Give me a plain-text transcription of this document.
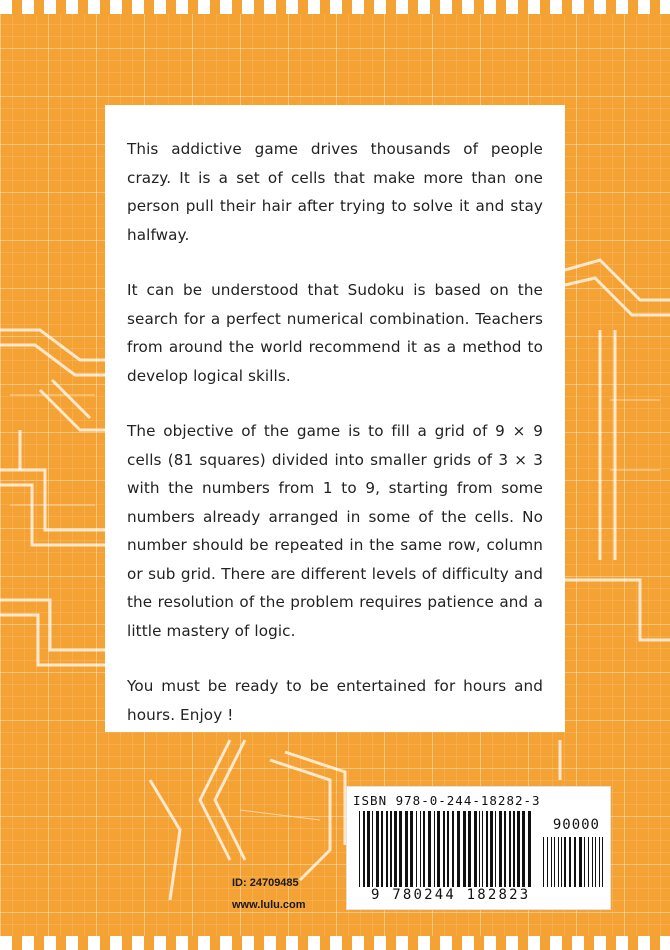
This addictive game drives thousands of people crazy. It is a set of cells that make more than one person pull their hair after trying to solve it and stay halfway.

It can be understood that Sudoku is based on the search for a perfect numerical combination. Teachers from around the world recommend it as a method to develop logical skills.

The objective of the game is to fill a grid of 9 × 9 cells (81 squares) divided into smaller grids of 3 × 3 with the numbers from 1 to 9, starting from some numbers already arranged in some of the cells. No number should be repeated in the same row, column or sub grid. There are different levels of difficulty and the resolution of the problem requires patience and a little mastery of logic.

You must be ready to be entertained for hours and hours. Enjoy !

ID: 24709485
www.lulu.com
ISBN 978-0-244-18282-3
90000
9 780244 182823
